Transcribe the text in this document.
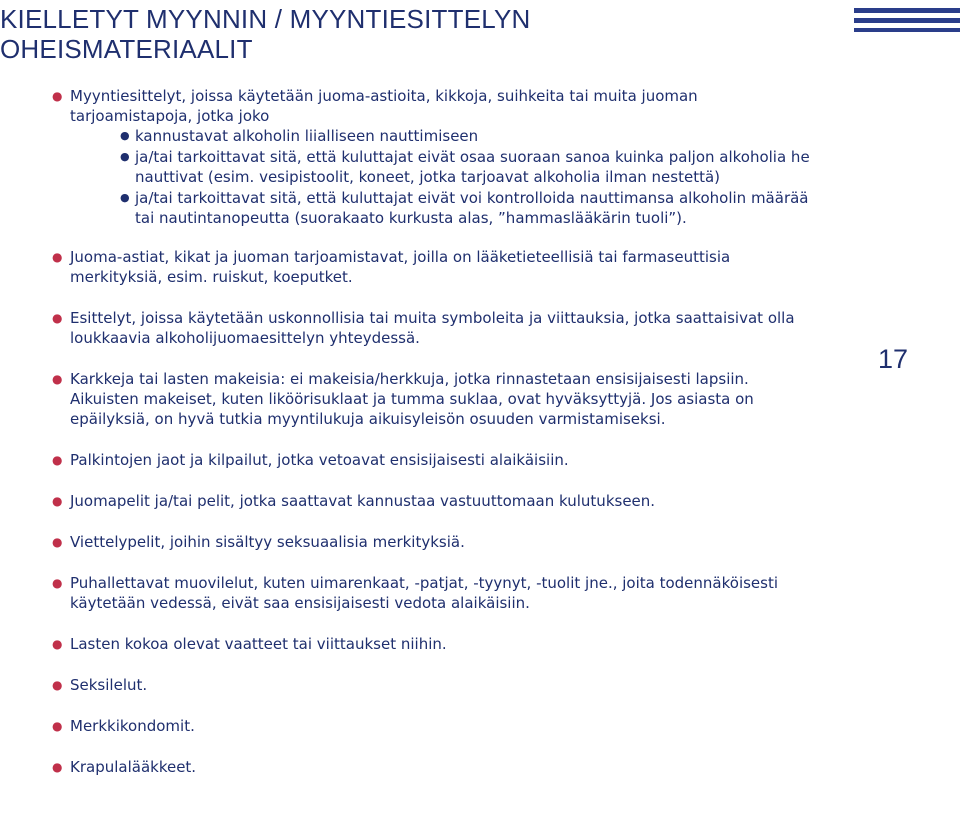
KIELLETYT MYYNNIN / MYYNTIESITTELYN
OHEISMATERIAALIT
17
● Myyntiesittelyt, joissa käytetään juoma-astioita, kikkoja, suihkeita tai muita juoman tarjoamistapoja, jotka joko
● kannustavat alkoholin liialliseen nauttimiseen
● ja/tai tarkoittavat sitä, että kuluttajat eivät osaa suoraan sanoa kuinka paljon alkoholia he nauttivat (esim. vesipistoolit, koneet, jotka tarjoavat alkoholia ilman nestettä)
● ja/tai tarkoittavat sitä, että kuluttajat eivät voi kontrolloida nauttimansa alkoholin määrää tai nautintanopeutta (suorakaato kurkusta alas, ”hammaslääkärin tuoli”).
● Juoma-astiat, kikat ja juoman tarjoamistavat, joilla on lääketieteellisiä tai farmaseuttisia merkityksiä, esim. ruiskut, koeputket.
● Esittelyt, joissa käytetään uskonnollisia tai muita symboleita ja viittauksia, jotka saattaisivat olla loukkaavia alkoholijuomaesittelyn yhteydessä.
● Karkkeja tai lasten makeisia: ei makeisia/herkkuja, jotka rinnastetaan ensisijaisesti lapsiin. Aikuisten makeiset, kuten liköörisuklaat ja tumma suklaa, ovat hyväksyttyjä. Jos asiasta on epäilyksiä, on hyvä tutkia myyntilukuja aikuisyleisön osuuden varmistamiseksi.
● Palkintojen jaot ja kilpailut, jotka vetoavat ensisijaisesti alaikäisiin.
● Juomapelit ja/tai pelit, jotka saattavat kannustaa vastuuttomaan kulutukseen.
● Viettelypelit, joihin sisältyy seksuaalisia merkityksiä.
● Puhallettavat muovilelut, kuten uimarenkaat, -patjat, -tyynyt, -tuolit jne., joita todennäköisesti käytetään vedessä, eivät saa ensisijaisesti vedota alaikäisiin.
● Lasten kokoa olevat vaatteet tai viittaukset niihin.
● Seksilelut.
● Merkkikondomit.
● Krapulalääkkeet.
